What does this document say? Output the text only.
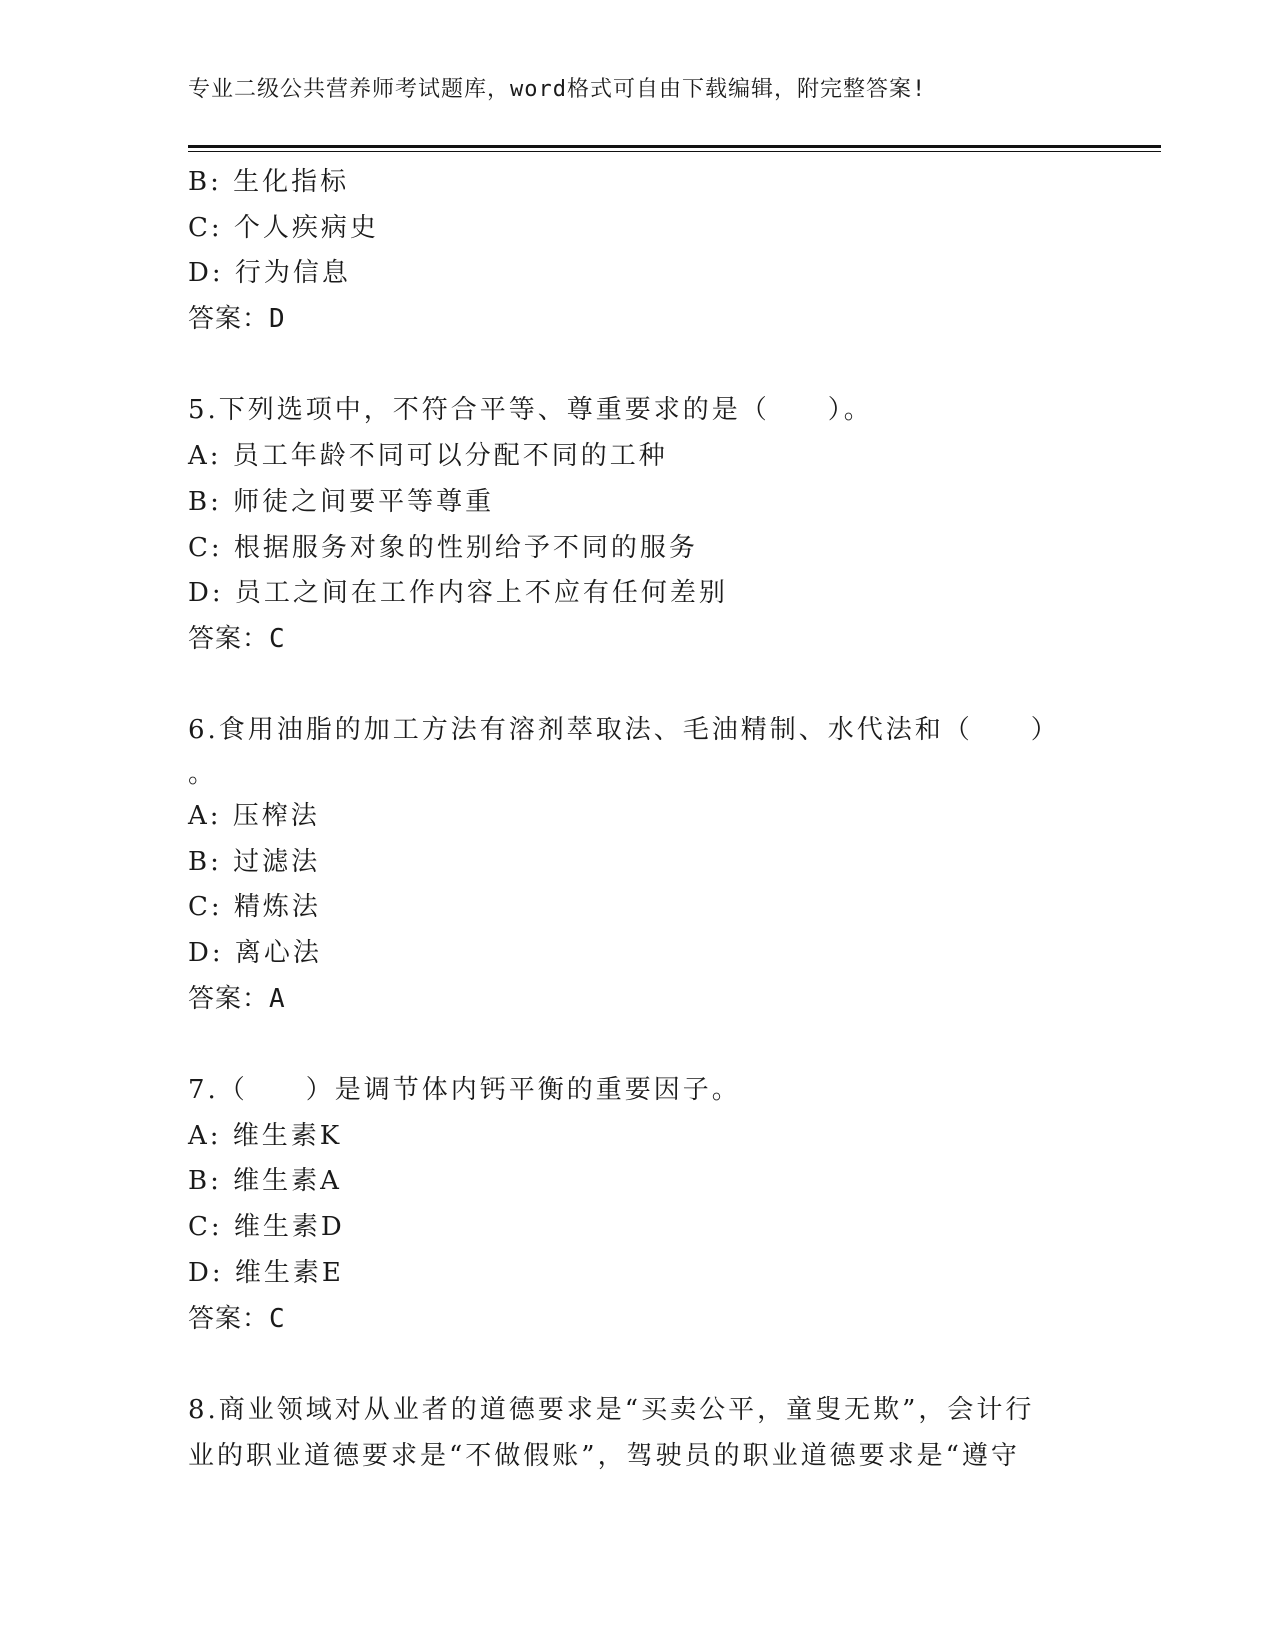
专业二级公共营养师考试题库，word格式可自由下载编辑，附完整答案!
B: 生化指标
C: 个人疾病史
D: 行为信息
答案：D
5.下列选项中，不符合平等、尊重要求的是（　　）。
A: 员工年龄不同可以分配不同的工种
B: 师徒之间要平等尊重
C: 根据服务对象的性别给予不同的服务
D: 员工之间在工作内容上不应有任何差别
答案：C
6.食用油脂的加工方法有溶剂萃取法、毛油精制、水代法和（　　）
。
A: 压榨法
B: 过滤法
C: 精炼法
D: 离心法
答案：A
7.（　　）是调节体内钙平衡的重要因子。
A: 维生素K
B: 维生素A
C: 维生素D
D: 维生素E
答案：C
8.商业领域对从业者的道德要求是“买卖公平，童叟无欺”，会计行
业的职业道德要求是“不做假账”，驾驶员的职业道德要求是“遵守
